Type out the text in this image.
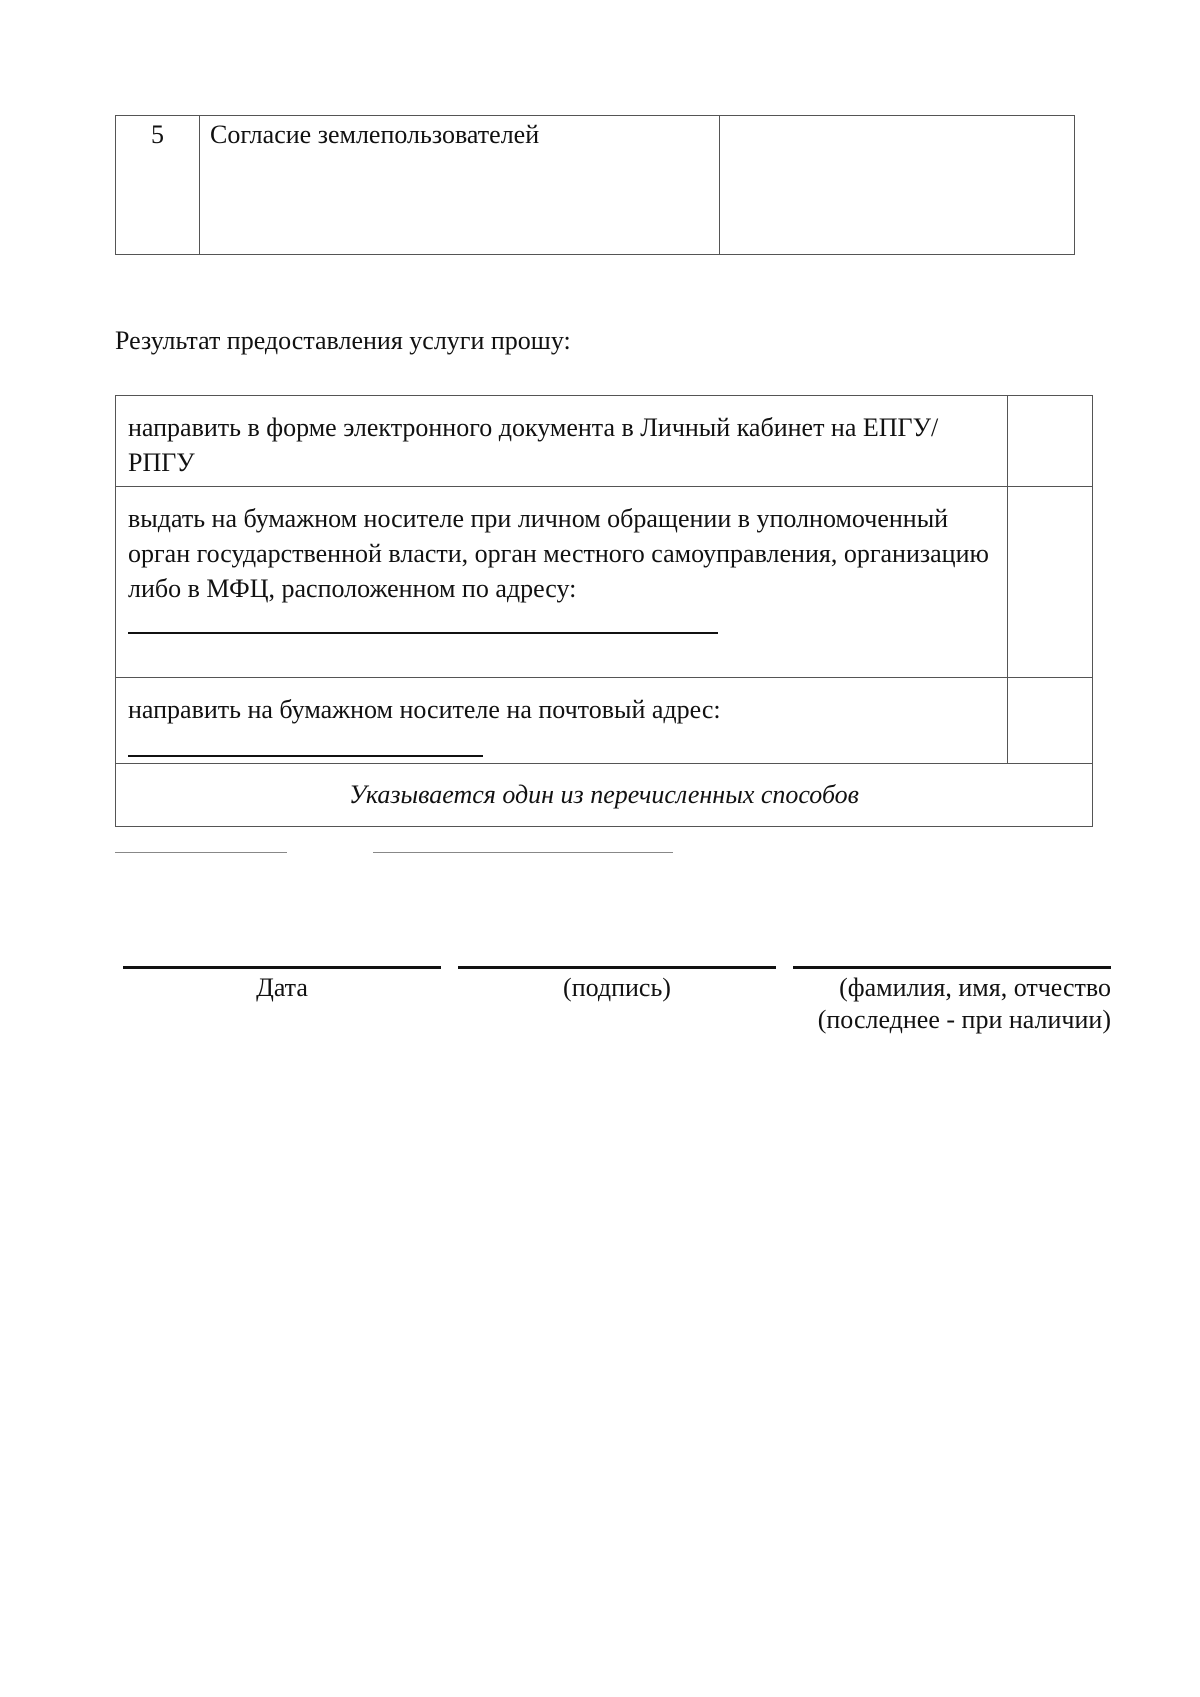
5	Согласие землепользователей
Результат предоставления услуги прошу:
направить в форме электронного документа в Личный кабинет на ЕПГУ/РПГУ
выдать на бумажном носителе при личном обращении в уполномоченный орган государственной власти, орган местного самоуправления, организацию либо в МФЦ, расположенном по адресу:
направить на бумажном носителе на почтовый адрес:
Указывается один из перечисленных способов
Дата	(подпись)	(фамилия, имя, отчество (последнее - при наличии)
